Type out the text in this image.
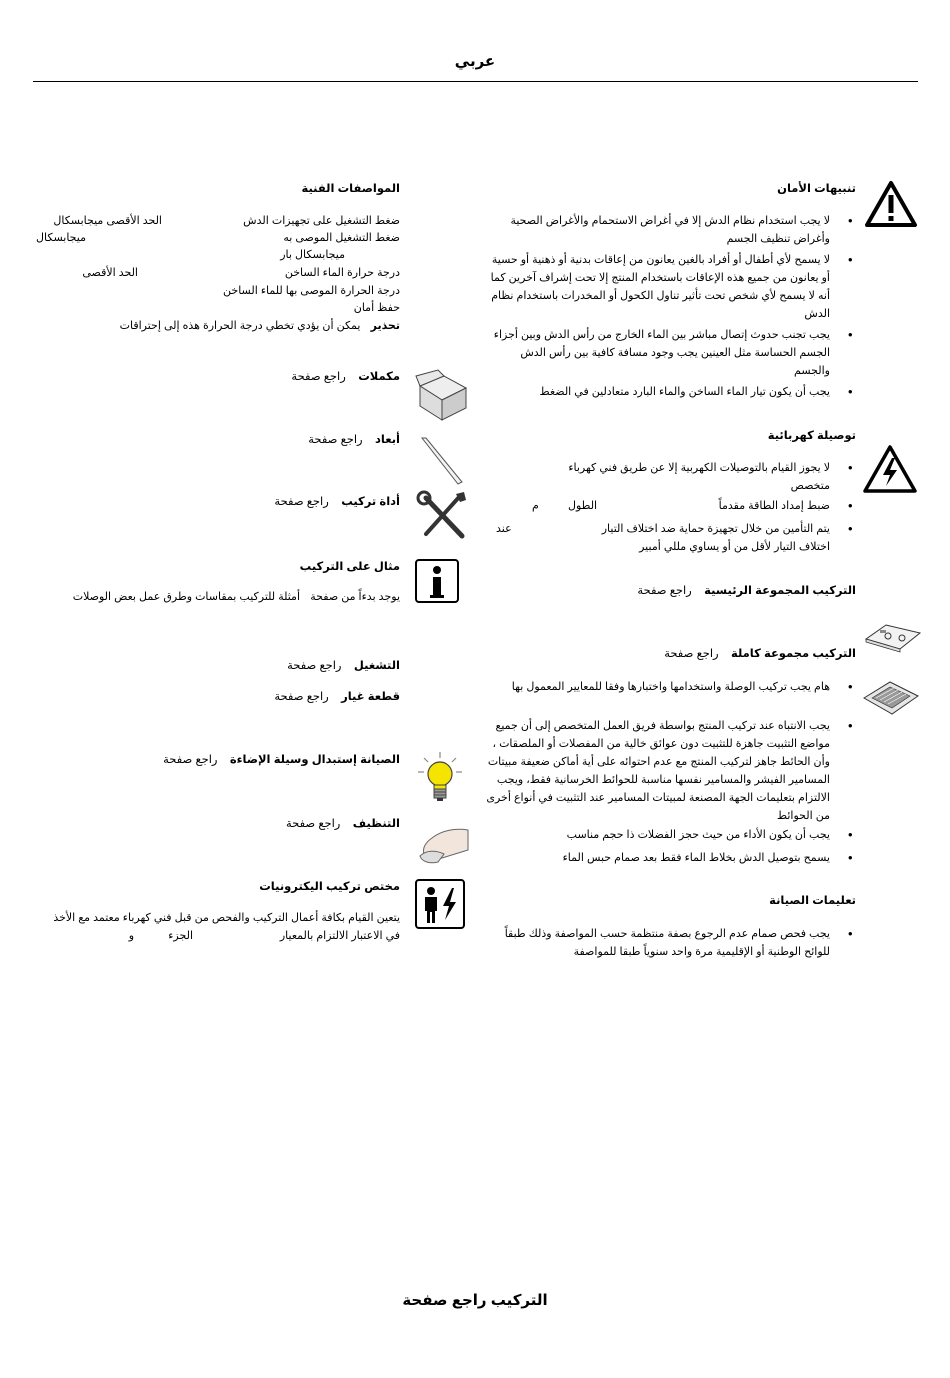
عربي
تنبيهات الأمان
•
لا يجب استخدام نظام الدش إلا في أغراض الاستحمام والأغراض الصحية وأغراض تنظيف الجسم
•
لا يسمح لأي أطفال أو أفراد بالغين يعانون من إعاقات بدنية أو ذهنية أو حسية أو يعانون من جميع هذه الإعاقات باستخدام المنتج إلا تحت إشراف آخرين كما أنه لا يسمح لأي شخص تحت تأثير تناول الكحول أو المخدرات باستخدام نظام الدش
•
يجب تجنب حدوث إتصال مباشر بين الماء الخارج من رأس الدش وبين أجزاء الجسم الحساسة مثل العينين يجب وجود مسافة كافية بين رأس الدش والجسم
•
يجب أن يكون تيار الماء الساخن والماء البارد متعادلين في الضغط
توصيلة كهربائية
•
لا يجوز القيام بالتوصيلات الكهربية إلا عن طريق فني كهرباء متخصص
•
ضبط إمداد الطاقة مقدماً
الطول
م
•
يتم التأمين من خلال تجهيزة حماية ضد اختلاف التيار
عند
اختلاف التيار لأقل من أو يساوي مللي أمبير
التركيب المجموعة الرئيسية  راجع صفحة
التركيب مجموعة كاملة  راجع صفحة
•
هام يجب تركيب الوصلة واستخدامها واختبارها وفقا للمعايير المعمول بها
•
يجب الانتباه عند تركيب المنتج بواسطة فريق العمل المتخصص إلى أن جميع مواضع التثبيت جاهزة للتثبيت دون عوائق خالية من المفصلات أو الملصقات ، وأن الحائط جاهز لتركيب المنتج مع عدم احتوائه على أية أماكن ضعيفة مبيتات المسامير الفيشر والمسامير نفسها مناسبة للحوائط الخرسانية فقط، ويجب الالتزام بتعليمات الجهة المصنعة لمبيتات المسامير عند التثبيت في أنواع أخرى من الحوائط
•
يجب أن يكون الأداء من حيث حجز الفضلات ذا حجم مناسب
•
يسمح بتوصيل الدش بخلاط الماء فقط بعد صمام حبس الماء
تعليمات الصيانة
•
يجب فحص صمام عدم الرجوع بصفة منتظمة حسب المواصفة وذلك طبقاً للوائح الوطنية أو الإقليمية مرة واحد سنوياً طبقا للمواصفة
المواصفات الفنية
ضغط التشغيل على تجهيزات الدش
الحد الأقصى ميجابسكال
ضغط التشغيل الموصى به
ميجابسكال
ميجابسكال بار
درجة حرارة الماء الساخن
الحد الأقصى
درجة الحرارة الموصى بها للماء الساخن
حفظ أمان
تحذير  يمكن أن يؤدي تخطي درجة الحرارة هذه إلى إحتراقات
مكملات  راجع صفحة
أبعاد  راجع صفحة
أداة تركيب  راجع صفحة
مثال على التركيب
يوجد بدءاً من صفحة
أمثلة للتركيب بمقاسات وطرق عمل بعض الوصلات
التشغيل  راجع صفحة
قطعة غيار  راجع صفحة
الصيانة إستبدال وسيلة الإضاءة  راجع صفحة
التنظيف  راجع صفحة
مختص تركيب اليكترونيات
يتعين القيام بكافة أعمال التركيب والفحص من قبل فني كهرباء معتمد مع الأخذ
في الاعتبار الالتزام بالمعيار
الجزء
و
التركيب راجع صفحة
